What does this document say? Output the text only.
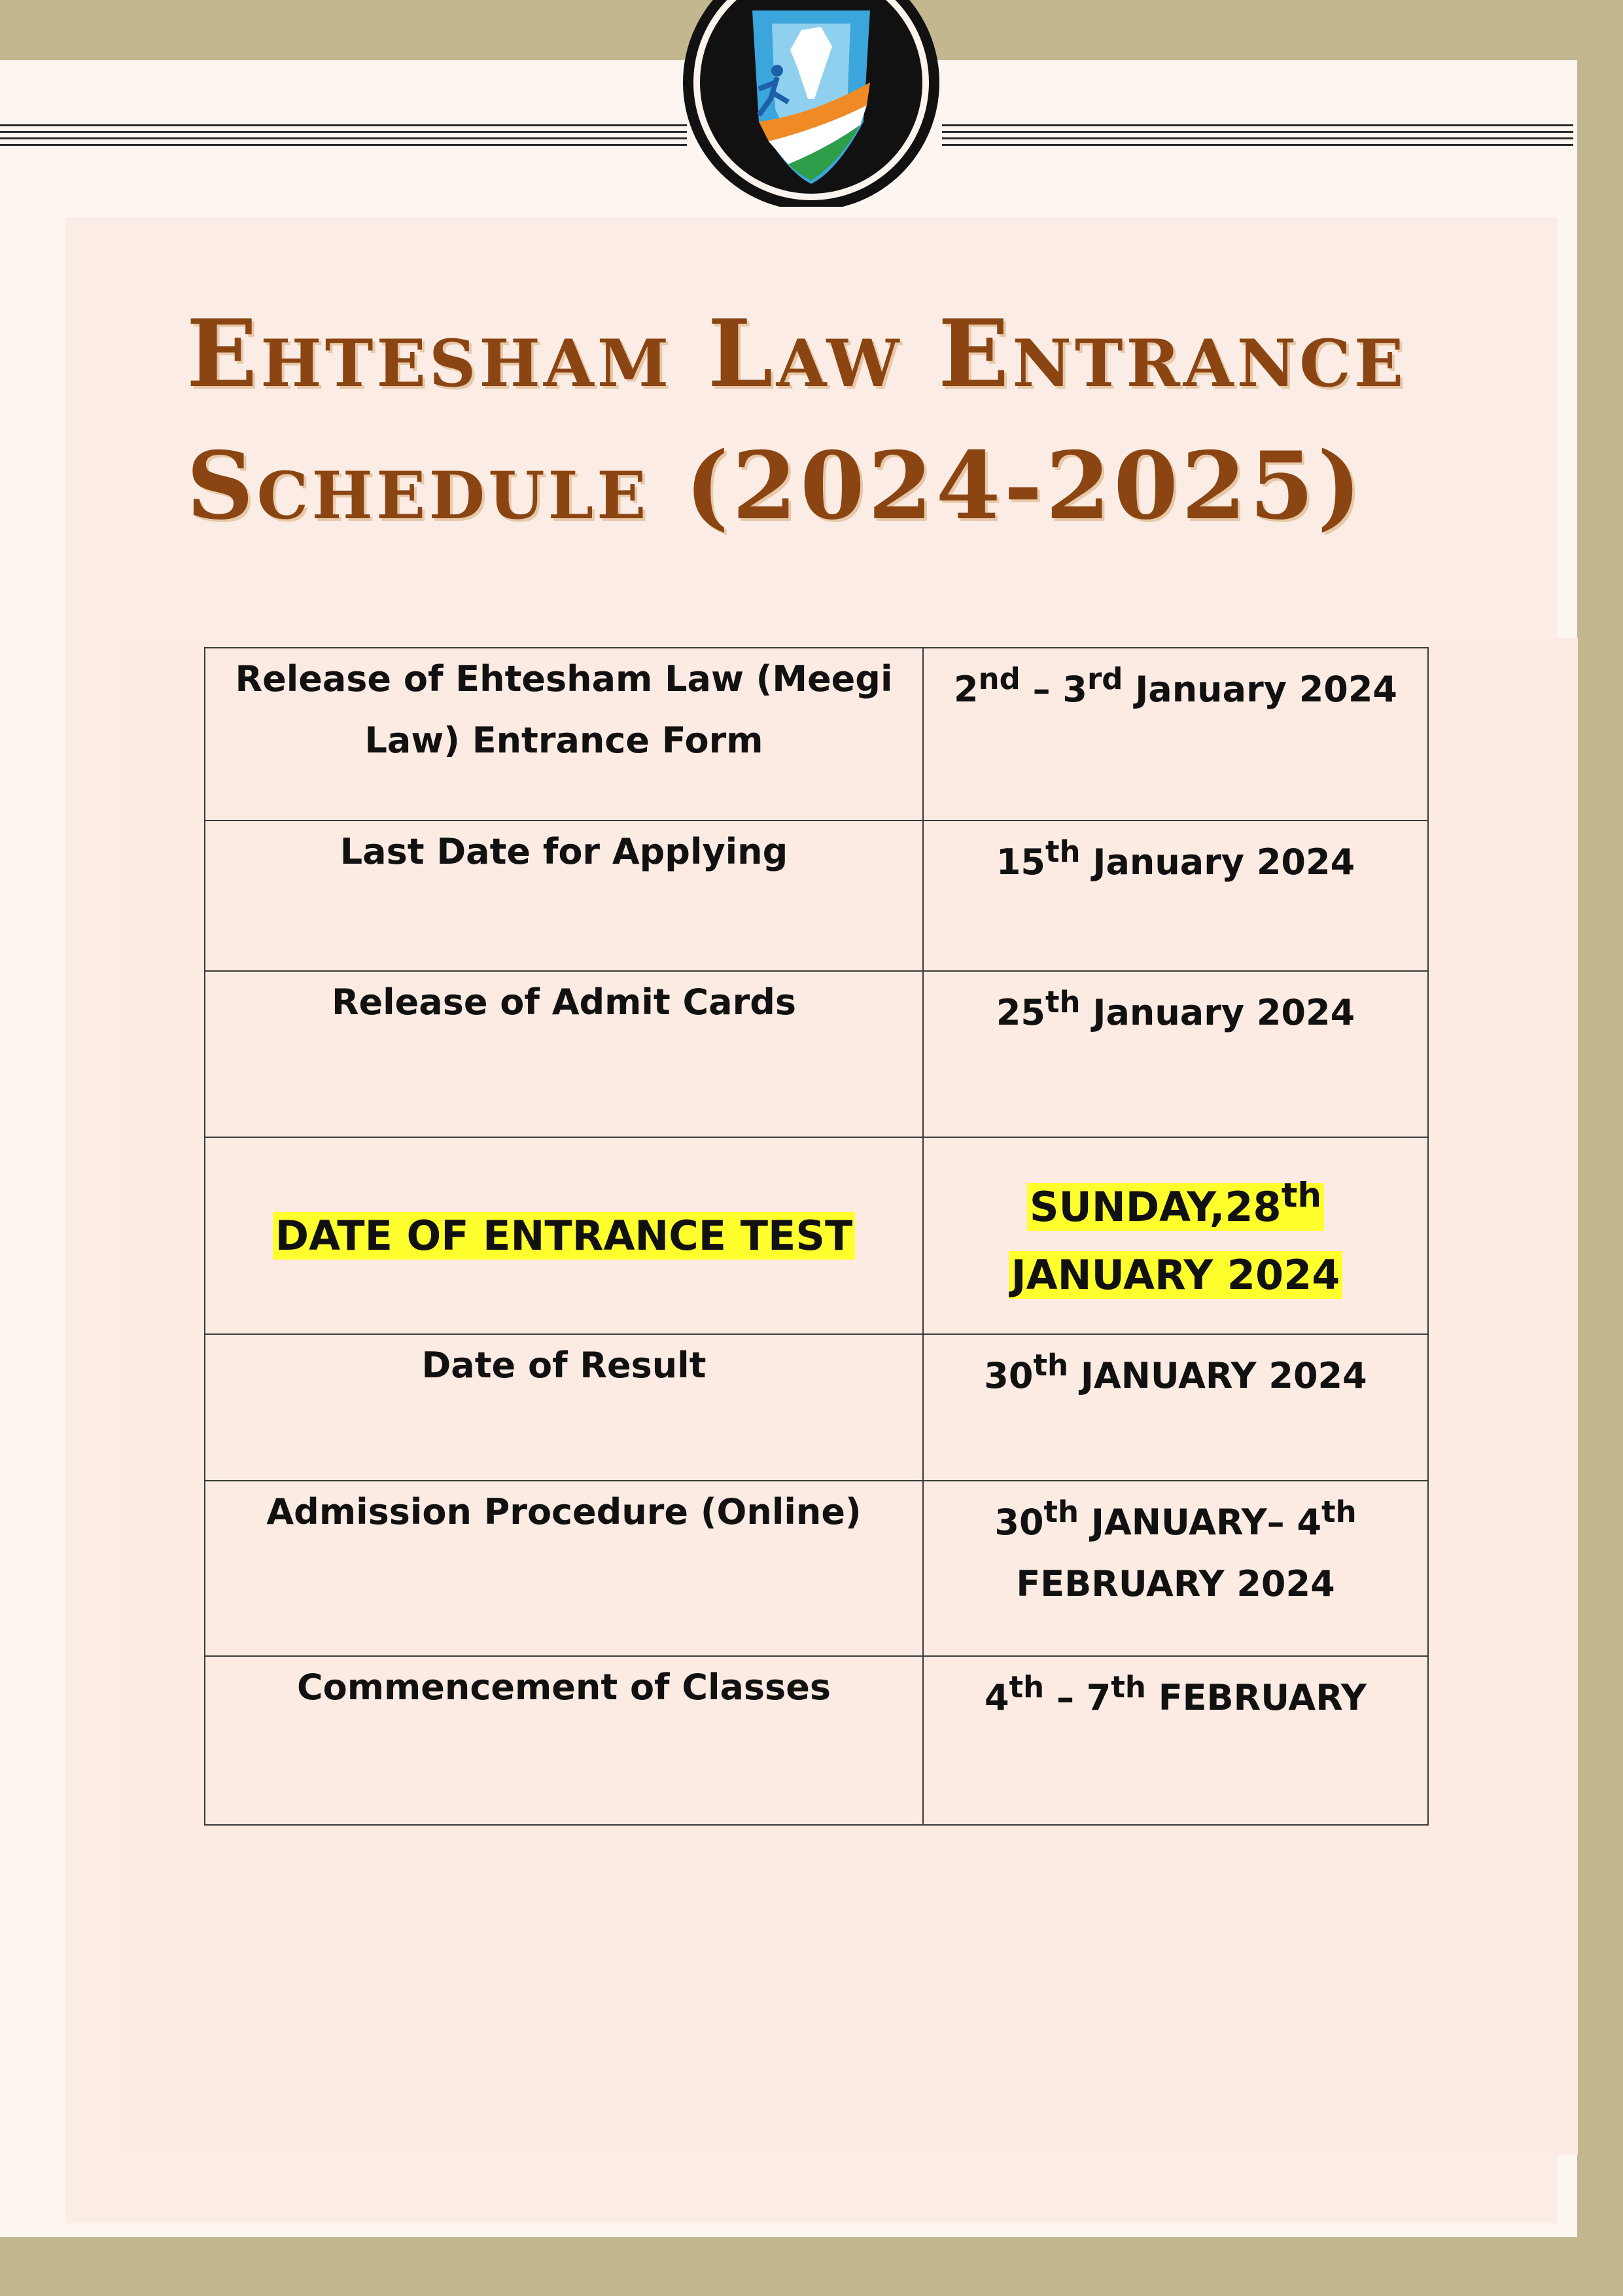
Ehtesham Law Entrance
Schedule (2024-2025)
Release of Ehtesham Law (Meegi Law) Entrance Form	2nd – 3rd January 2024
Last Date for Applying	15th January 2024
Release of Admit Cards	25th January 2024
DATE OF ENTRANCE TEST	SUNDAY,28th
JANUARY 2024
Date of Result	30th JANUARY 2024
Admission Procedure (Online)	30th JANUARY– 4th
FEBRUARY 2024
Commencement of Classes	4th – 7th FEBRUARY
